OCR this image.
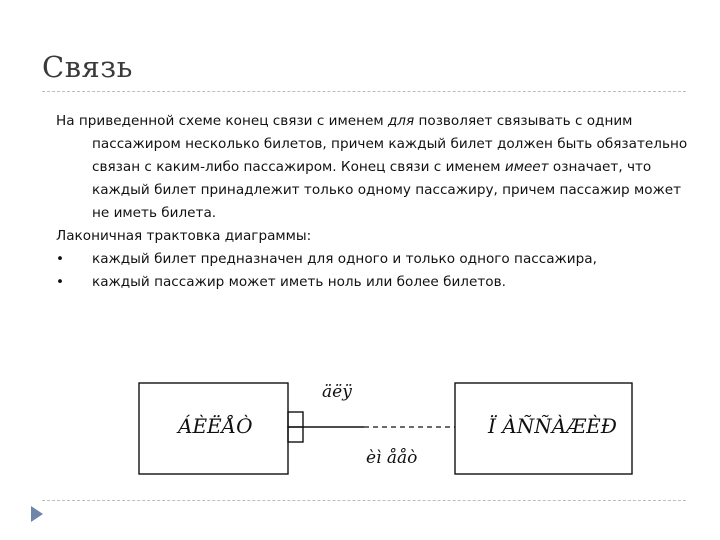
Связь

На приведенной схеме конец связи с именем для позволяет связывать с одним пассажиром несколько билетов, причем каждый билет должен быть обязательно связан с каким-либо пассажиром. Конец связи с именем имеет означает, что каждый билет принадлежит только одному пассажиру, причем пассажир может не иметь билета.

Лаконичная трактовка диаграммы:

•	каждый билет предназначен для одного и только одного пассажира,

•	каждый пассажир может иметь ноль или более билетов.

ÁÈËÅÒ	Ï ÀÑÑÀÆÈÐ
äëÿ
èì ååò
